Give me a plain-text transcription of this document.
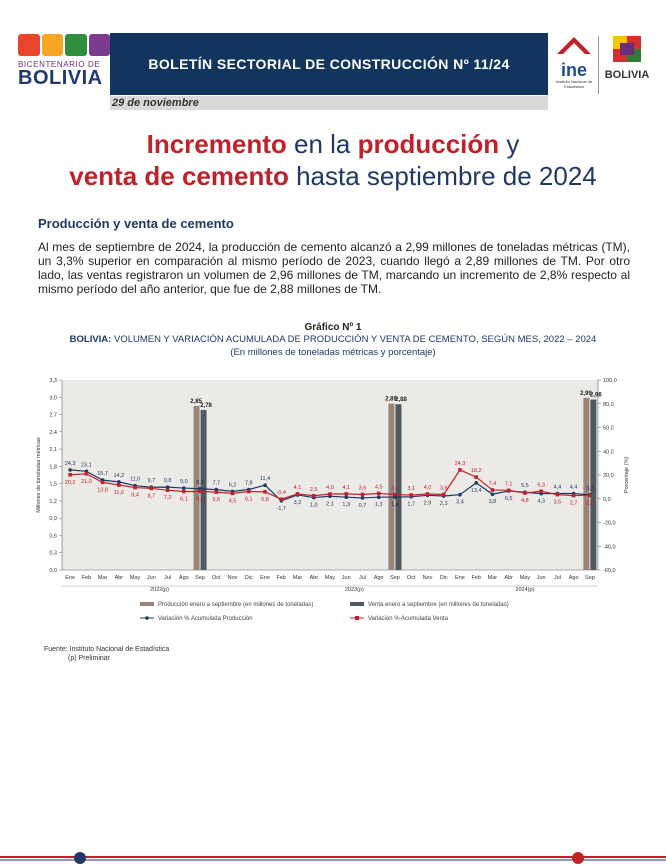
BICENTENARIO DE
BOLIVIA
BOLETÍN SECTORIAL DE CONSTRUCCIÓN Nº 11/24
29 de noviembre
ine
Instituto Nacional de Estadística
BOLIVIA
Incremento en la producción y
venta de cemento hasta septiembre de 2024
Producción y venta de cemento
Al mes de septiembre de 2024, la producción de cemento alcanzó a 2,99 millones de toneladas métricas (TM), un 3,3% superior en comparación al mismo período de 2023, cuando llegó a 2,89 millones de TM. Por otro lado, las ventas registraron un volumen de 2,96 millones de TM, marcando un incremento de 2,8% respecto al mismo período del año anterior, que fue de 2,88 millones de TM.
Gráfico Nº 1
BOLIVIA: VOLUMEN Y VARIACIÓN ACUMULADA DE PRODUCCIÓN Y VENTA DE CEMENTO, SEGÚN MES, 2022 – 2024
(En millones de toneladas métricas y porcentaje)
0,0
0,3
0,6
0,9
1,2
1,5
1,8
2,1
2,4
2,7
3,0
3,3
-60,0
-40,0
-20,0
0,0
20,0
40,0
60,0
80,0
100,0
Millones de toneladas métricas	Porcentaje (%)
2,85
2,78
2,89
2,88
2,99
2,96
24,3 23,1
15,7 14,2
11,0 9,7 9,8 9,0 8,4 7,7 6,2 7,8
11,4
-1,7
3,2 1,0 2,1 1,3 0,7 1,3 1,4 1,7 2,9 2,3 3,4
13,4
3,8
6,5
5,5
4,3
4,4 4,4 3,3
20,2 21,0
13,8 11,6 9,4 8,7 7,2 6,1 6,2 5,6 4,5 6,1 5,8
-0,4
4,1 2,5 4,0 4,1 3,6 4,5 3,6 3,1 4,0 3,6
24,3
18,2
7,4 7,1
4,8
6,3
3,5 2,7 2,8
Ene Feb Mar Abr May Jun Jul Ago Sep Oct Nov Dic Ene Feb Mar Abr May Jun Jul Ago Sep Oct Nov Dic Ene Feb Mar Abr May Jun Jul Ago Sep
2022(p)	2023(p)	2024(p)
Producción enero a septiembre (en millones de toneladas)	Venta enero a septiembre (en millones de toneladas)
Variación % Acumulada Producción	Variación % Acumulada Venta
Fuente: Instituto Nacional de Estadística
(p) Preliminar
